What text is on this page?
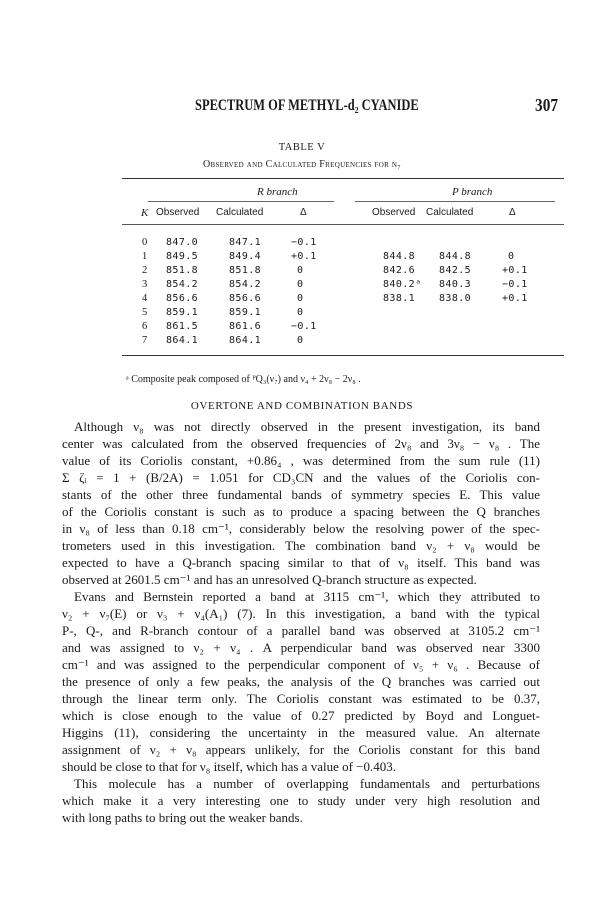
SPECTRUM OF METHYL-d₂ CYANIDE	307
TABLE V
Observed and Calculated Frequencies for ν₇
R branch	P branch
K Observed Calculated	Δ	Observed Calculated	Δ
0 847.0	847.1	−0.1
1 849.5	849.4	+0.1	844.8 844.8	0
2 851.8	851.8	0	842.6 842.5	+0.1
3 854.2	854.2	0	840.2ᵃ 840.3	−0.1
4 856.6	856.6	0	838.1 838.0	+0.1
5 859.1	859.1	0
6 861.5	861.6	−0.1
7 864.1	864.1	0
ᵃ Composite peak composed of ᴾQ₃(ν₇) and ν₄ + 2ν₈ − 2ν₈ .
OVERTONE AND COMBINATION BANDS
Although ν₈ was not directly observed in the present investigation, its band
center was calculated from the observed frequencies of 2ν₈ and 3ν₈ − ν₈ . The
value of its Coriolis constant, +0.86₄ , was determined from the sum rule (11)
Σ ζᵢ = 1 + (B/2A) = 1.051 for CD₃CN and the values of the Coriolis con-
stants of the other three fundamental bands of symmetry species E. This value
of the Coriolis constant is such as to produce a spacing between the Q branches
in ν₈ of less than 0.18 cm⁻¹, considerably below the resolving power of the spec-
trometers used in this investigation. The combination band ν₂ + ν₈ would be
expected to have a Q-branch spacing similar to that of ν₈ itself. This band was
observed at 2601.5 cm⁻¹ and has an unresolved Q-branch structure as expected.
Evans and Bernstein reported a band at 3115 cm⁻¹, which they attributed to
ν₂ + ν₇(E) or ν₃ + ν₄(A₁) (7). In this investigation, a band with the typical
P-, Q-, and R-branch contour of a parallel band was observed at 3105.2 cm⁻¹
and was assigned to ν₂ + ν₄ . A perpendicular band was observed near 3300
cm⁻¹ and was assigned to the perpendicular component of ν₅ + ν₆ . Because of
the presence of only a few peaks, the analysis of the Q branches was carried out
through the linear term only. The Coriolis constant was estimated to be 0.37,
which is close enough to the value of 0.27 predicted by Boyd and Longuet-
Higgins (11), considering the uncertainty in the measured value. An alternate
assignment of ν₂ + ν₈ appears unlikely, for the Coriolis constant for this band
should be close to that for ν₈ itself, which has a value of −0.403.
This molecule has a number of overlapping fundamentals and perturbations
which make it a very interesting one to study under very high resolution and
with long paths to bring out the weaker bands.
